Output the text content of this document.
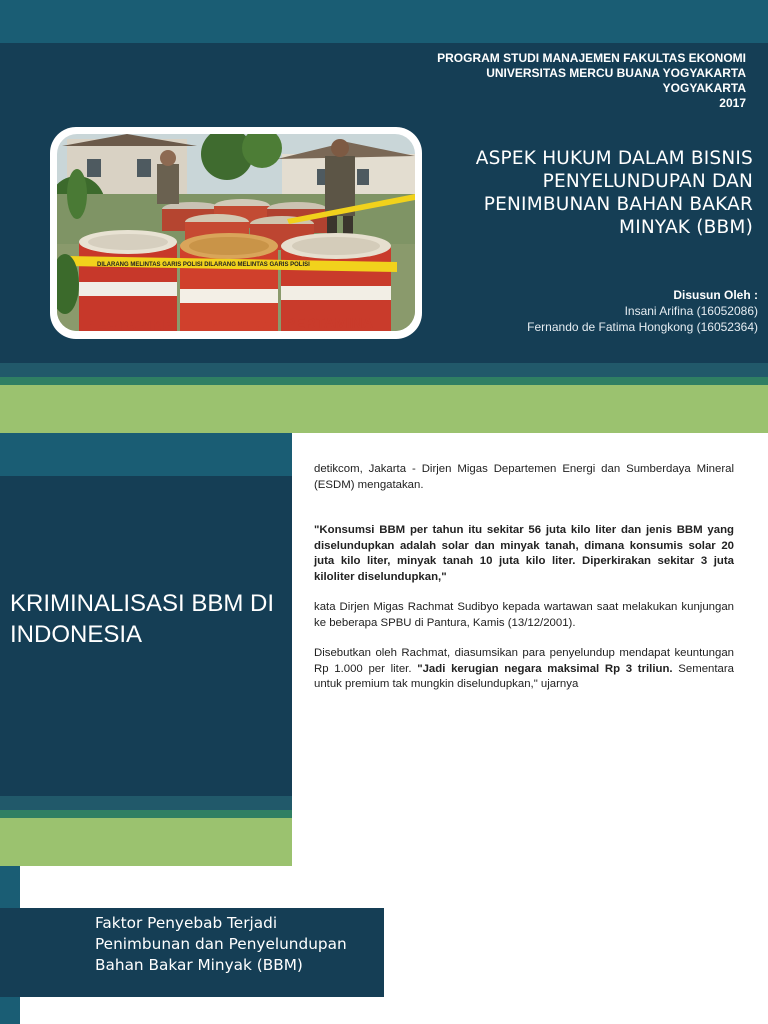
PROGRAM STUDI MANAJEMEN FAKULTAS EKONOMI
UNIVERSITAS MERCU BUANA YOGYAKARTA
YOGYAKARTA
2017
PERTAMINA PERTAMINA PERTAMINA
DILARANG MELINTAS GARIS POLISI DILARANG MELINTAS GARIS POLISI
ASPEK HUKUM DALAM BISNIS
PENYELUNDUPAN DAN
PENIMBUNAN BAHAN BAKAR
MINYAK (BBM)
Disusun Oleh :
Insani Arifina (16052086)
Fernando de Fatima Hongkong (16052364)
KRIMINALISASI BBM DI INDONESIA

detikcom, Jakarta - Dirjen Migas Departemen Energi dan Sumberdaya Mineral (ESDM) mengatakan.

"Konsumsi BBM per tahun itu sekitar 56 juta kilo liter dan jenis BBM yang diselundupkan adalah solar dan minyak tanah, dimana konsumis solar 20 juta kilo liter, minyak tanah 10 juta kilo liter. Diperkirakan sekitar 3 juta kiloliter diselundupkan,"

kata Dirjen Migas Rachmat Sudibyo kepada wartawan saat melakukan kunjungan ke beberapa SPBU di Pantura, Kamis (13/12/2001).

Disebutkan oleh Rachmat, diasumsikan para penyelundup mendapat keuntungan Rp 1.000 per liter. "Jadi kerugian negara maksimal Rp 3 triliun. Sementara untuk premium tak mungkin diselundupkan," ujarnya

Faktor Penyebab Terjadi
Penimbunan dan Penyelundupan
Bahan Bakar Minyak (BBM)
